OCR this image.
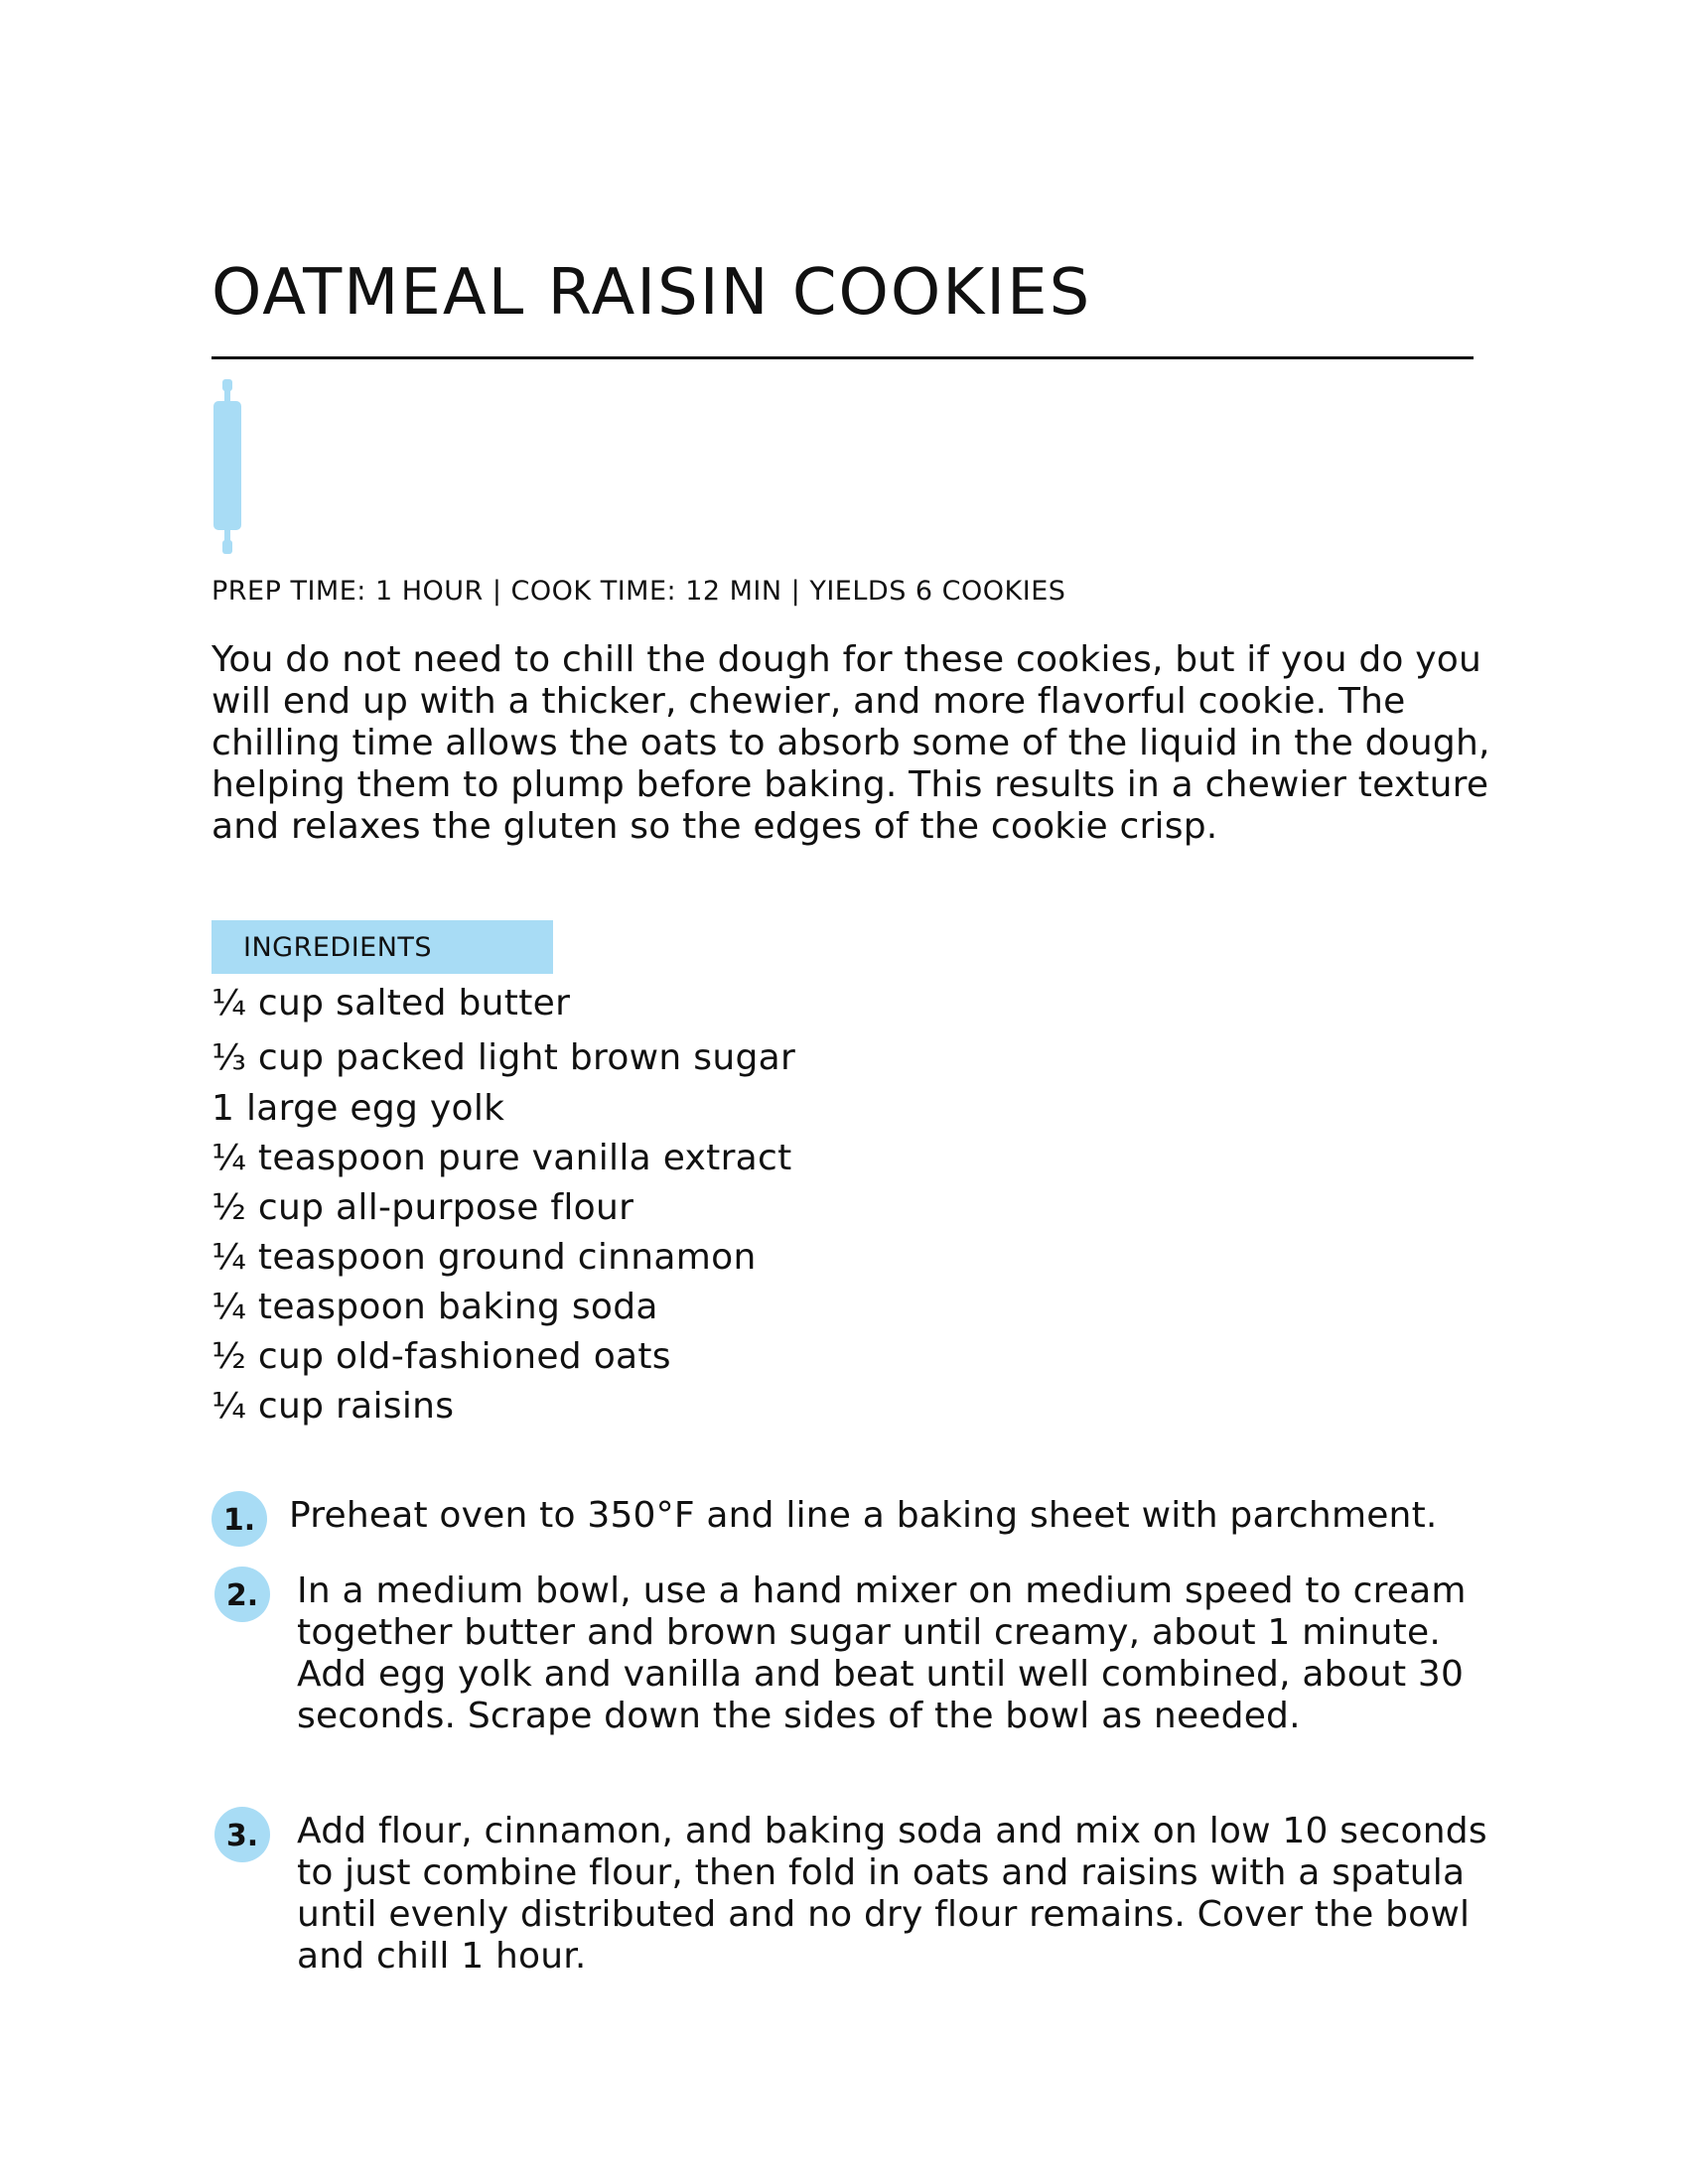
OATMEAL RAISIN COOKIES
PREP TIME: 1 HOUR | COOK TIME: 12 MIN | YIELDS 6 COOKIES

You do not need to chill the dough for these cookies, but if you do you will end up with a thicker, chewier, and more flavorful cookie. The chilling time allows the oats to absorb some of the liquid in the dough, helping them to plump before baking. This results in a chewier texture and relaxes the gluten so the edges of the cookie crisp.

INGREDIENTS
¼ cup salted butter
⅓ cup packed light brown sugar
1 large egg yolk
¼ teaspoon pure vanilla extract
½ cup all-purpose flour
¼ teaspoon ground cinnamon
¼ teaspoon baking soda
½ cup old-fashioned oats
¼ cup raisins
1. Preheat oven to 350°F and line a baking sheet with parchment.

2.	In a medium bowl, use a hand mixer on medium speed to cream together butter and brown sugar until creamy, about 1 minute. Add egg yolk and vanilla and beat until well combined, about 30 seconds. Scrape down the sides of the bowl as needed.

3.	Add flour, cinnamon, and baking soda and mix on low 10 seconds to just combine flour, then fold in oats and raisins with a spatula until evenly distributed and no dry flour remains. Cover the bowl and chill 1 hour.
